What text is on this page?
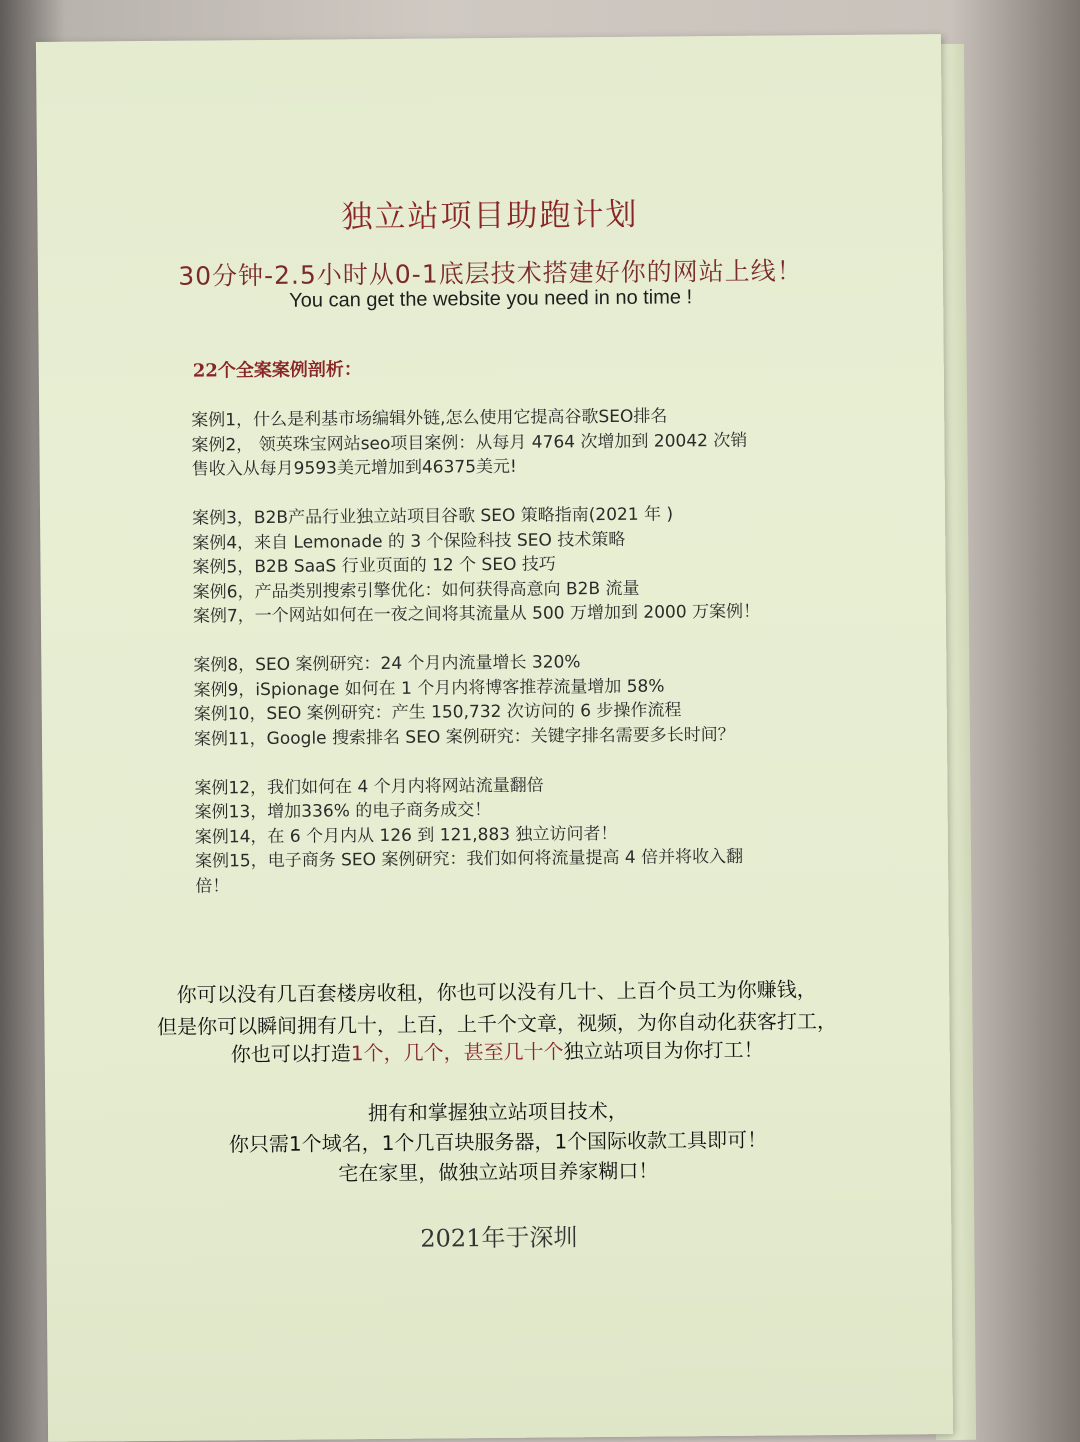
独立站项目助跑计划
30分钟-2.5小时从0-1底层技术搭建好你的网站上线！
You can get the website you need in no time !
22个全案案例剖析：
案例1，什么是利基市场编辑外链,怎么使用它提高谷歌SEO排名
案例2， 领英珠宝网站seo项目案例：从每月 4764 次增加到 20042 次销
售收入从每月9593美元增加到46375美元!
案例3，B2B产品行业独立站项目谷歌 SEO 策略指南(2021 年 )
案例4，来自 Lemonade 的 3 个保险科技 SEO 技术策略
案例5，B2B SaaS 行业页面的 12 个 SEO 技巧
案例6，产品类别搜索引擎优化：如何获得高意向 B2B 流量
案例7，一个网站如何在一夜之间将其流量从 500 万增加到 2000 万案例！
案例8，SEO 案例研究：24 个月内流量增长 320%
案例9，iSpionage 如何在 1 个月内将博客推荐流量增加 58%
案例10，SEO 案例研究：产生 150,732 次访问的 6 步操作流程
案例11，Google 搜索排名 SEO 案例研究：关键字排名需要多长时间？
案例12，我们如何在 4 个月内将网站流量翻倍
案例13，增加336% 的电子商务成交！
案例14，在 6 个月内从 126 到 121,883 独立访问者！
案例15，电子商务 SEO 案例研究：我们如何将流量提高 4 倍并将收入翻
倍！
你可以没有几百套楼房收租，你也可以没有几十、上百个员工为你赚钱，
但是你可以瞬间拥有几十，上百，上千个文章，视频，为你自动化获客打工，
你也可以打造1个，几个，甚至几十个独立站项目为你打工！
拥有和掌握独立站项目技术，
你只需1个域名，1个几百块服务器，1个国际收款工具即可！
宅在家里，做独立站项目养家糊口！
2021年于深圳
